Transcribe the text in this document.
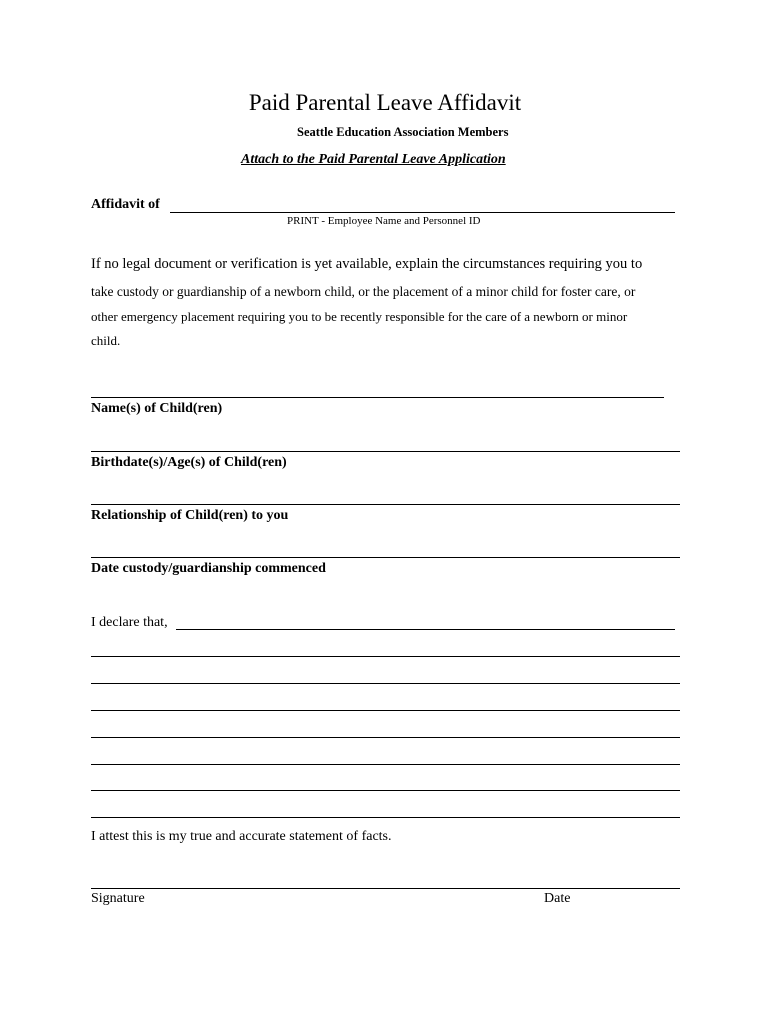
Paid Parental Leave Affidavit
Seattle Education Association Members
Attach to the Paid Parental Leave Application
Affidavit of
PRINT - Employee Name and Personnel ID
If no legal document or verification is yet available, explain the circumstances requiring you to
take custody or guardianship of a newborn child, or the placement of a minor child for foster care, or
other emergency placement requiring you to be recently responsible for the care of a newborn or minor
child.
Name(s) of Child(ren)
Birthdate(s)/Age(s) of Child(ren)
Relationship of Child(ren) to you
Date custody/guardianship commenced
I declare that,
I attest this is my true and accurate statement of facts.
Signature	Date
